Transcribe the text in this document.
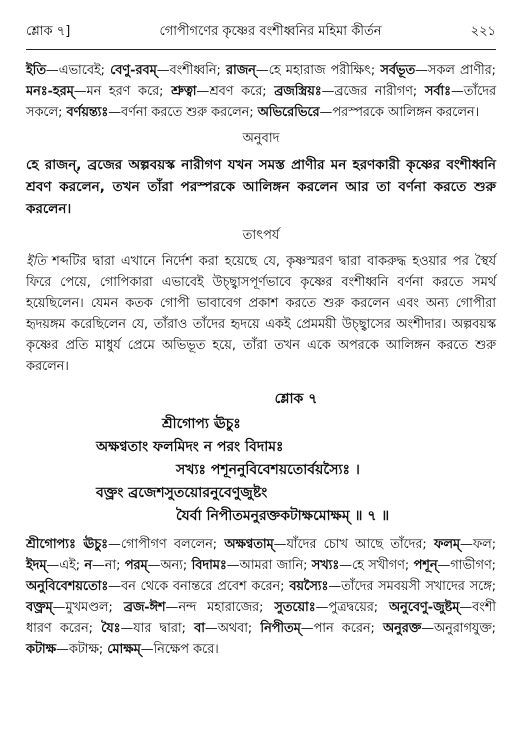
শ্লোক ৭]	গোপীগণের কৃষ্ণের বংশীধ্বনির মহিমা কীর্তন	২২১

ইতি—এভাবেই; বেণু-রবম্—বংশীধ্বনি; রাজন্—হে মহারাজ পরীক্ষিৎ; সর্বভূত—সকল প্রাণীর; মনঃ-হরম্—মন হরণ করে; শ্রুত্বা—শ্রবণ করে; ব্রজস্ত্রিয়ঃ—ব্রজের নারীগণ; সর্বাঃ—তাঁদের সকলে; বর্ণয়ন্ত্যঃ—বর্ণনা করতে শুরু করলেন; অভিরেভিরে—পরস্পরকে আলিঙ্গন করলেন।

অনুবাদ

হে রাজন্, ব্রজের অল্পবয়স্ক নারীগণ যখন সমস্ত প্রাণীর মন হরণকারী কৃষ্ণের বংশীধ্বনি শ্রবণ করলেন, তখন তাঁরা পরস্পরকে আলিঙ্গন করলেন আর তা বর্ণনা করতে শুরু করলেন।

তাৎপর্য

ইতি শব্দটির দ্বারা এখানে নির্দেশ করা হয়েছে যে, কৃষ্ণস্মরণ দ্বারা বাকরুদ্ধ হওয়ার পর স্থৈর্য ফিরে পেয়ে, গোপিকারা এভাবেই উচ্ছ্বাসপূর্ণভাবে কৃষ্ণের বংশীধ্বনি বর্ণনা করতে সমর্থ হয়েছিলেন। যেমন কতক গোপী ভাবাবেগ প্রকাশ করতে শুরু করলেন এবং অন্য গোপীরা হৃদয়ঙ্গম করেছিলেন যে, তাঁরাও তাঁদের হৃদয়ে একই প্রেমময়ী উচ্ছ্বাসের অংশীদার। অল্পবয়স্ক কৃষ্ণের প্রতি মাধুর্য প্রেমে অভিভূত হয়ে, তাঁরা তখন একে অপরকে আলিঙ্গন করতে শুরু করলেন।

শ্লোক ৭
শ্রীগোপ্য ঊচুঃ
অক্ষণ্বতাং ফলমিদং ন পরং বিদামঃ
সখ্যঃ পশূননুবিবেশয়তোর্বয়স্যৈঃ ।
বক্ত্রং ব্রজেশসুতয়োরনুবেণুজুষ্টং
যৈর্বা নিপীতমনুরক্তকটাক্ষমোক্ষম্ ॥ ৭ ॥

শ্রীগোপ্যঃ ঊচুঃ—গোপীগণ বললেন; অক্ষণ্বতাম্—যাঁদের চোখ আছে তাঁদের; ফলম্—ফল; ইদম্—এই; ন—না; পরম্—অন্য; বিদামঃ—আমরা জানি; সখ্যঃ—হে সখীগণ; পশূন্—গাভীগণ; অনুবিবেশয়তোঃ—বন থেকে বনান্তরে প্রবেশ করেন; বয়স্যৈঃ—তাঁদের সমবয়সী সখাদের সঙ্গে; বক্ত্রম্—মুখমণ্ডল; ব্রজ-ঈশ—নন্দ মহারাজের; সুতয়োঃ—পুত্রদ্বয়ের; অনুবেণু-জুষ্টম্—বংশী ধারণ করেন; যৈঃ—যার দ্বারা; বা—অথবা; নিপীতম্—পান করেন; অনুরক্ত—অনুরাগযুক্ত; কটাক্ষ—কটাক্ষ; মোক্ষম্—নিক্ষেপ করে।
